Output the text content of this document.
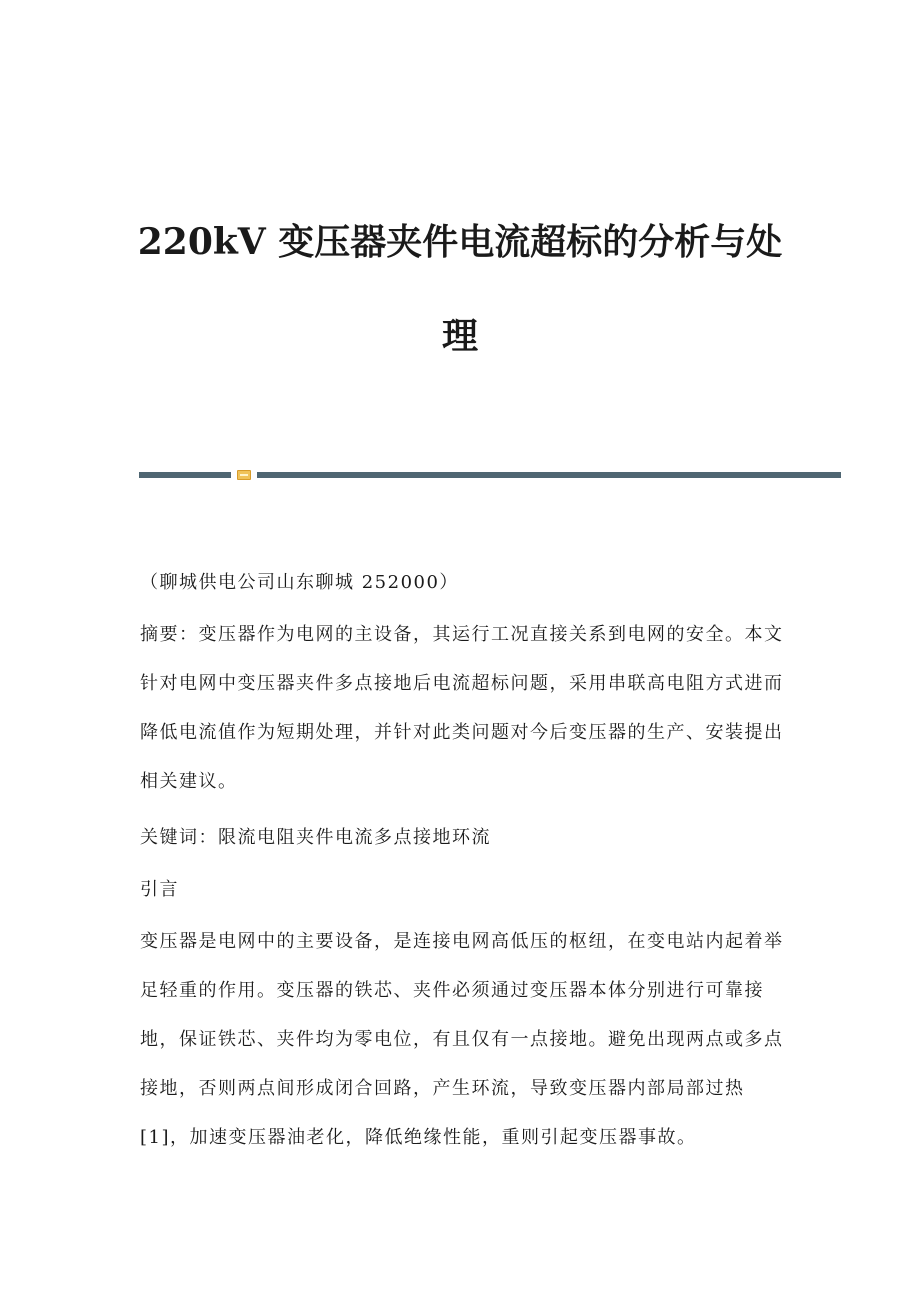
220kV 变压器夹件电流超标的分析与处
理

（聊城供电公司山东聊城 252000）

摘要：变压器作为电网的主设备，其运行工况直接关系到电网的安全。本文针对电网中变压器夹件多点接地后电流超标问题，采用串联高电阻方式进而降低电流值作为短期处理，并针对此类问题对今后变压器的生产、安装提出相关建议。

关键词：限流电阻夹件电流多点接地环流

引言

变压器是电网中的主要设备，是连接电网高低压的枢纽，在变电站内起着举足轻重的作用。变压器的铁芯、夹件必须通过变压器本体分别进行可靠接地，保证铁芯、夹件均为零电位，有且仅有一点接地。避免出现两点或多点接地，否则两点间形成闭合回路，产生环流，导致变压器内部局部过热[1]，加速变压器油老化，降低绝缘性能，重则引起变压器事故。
